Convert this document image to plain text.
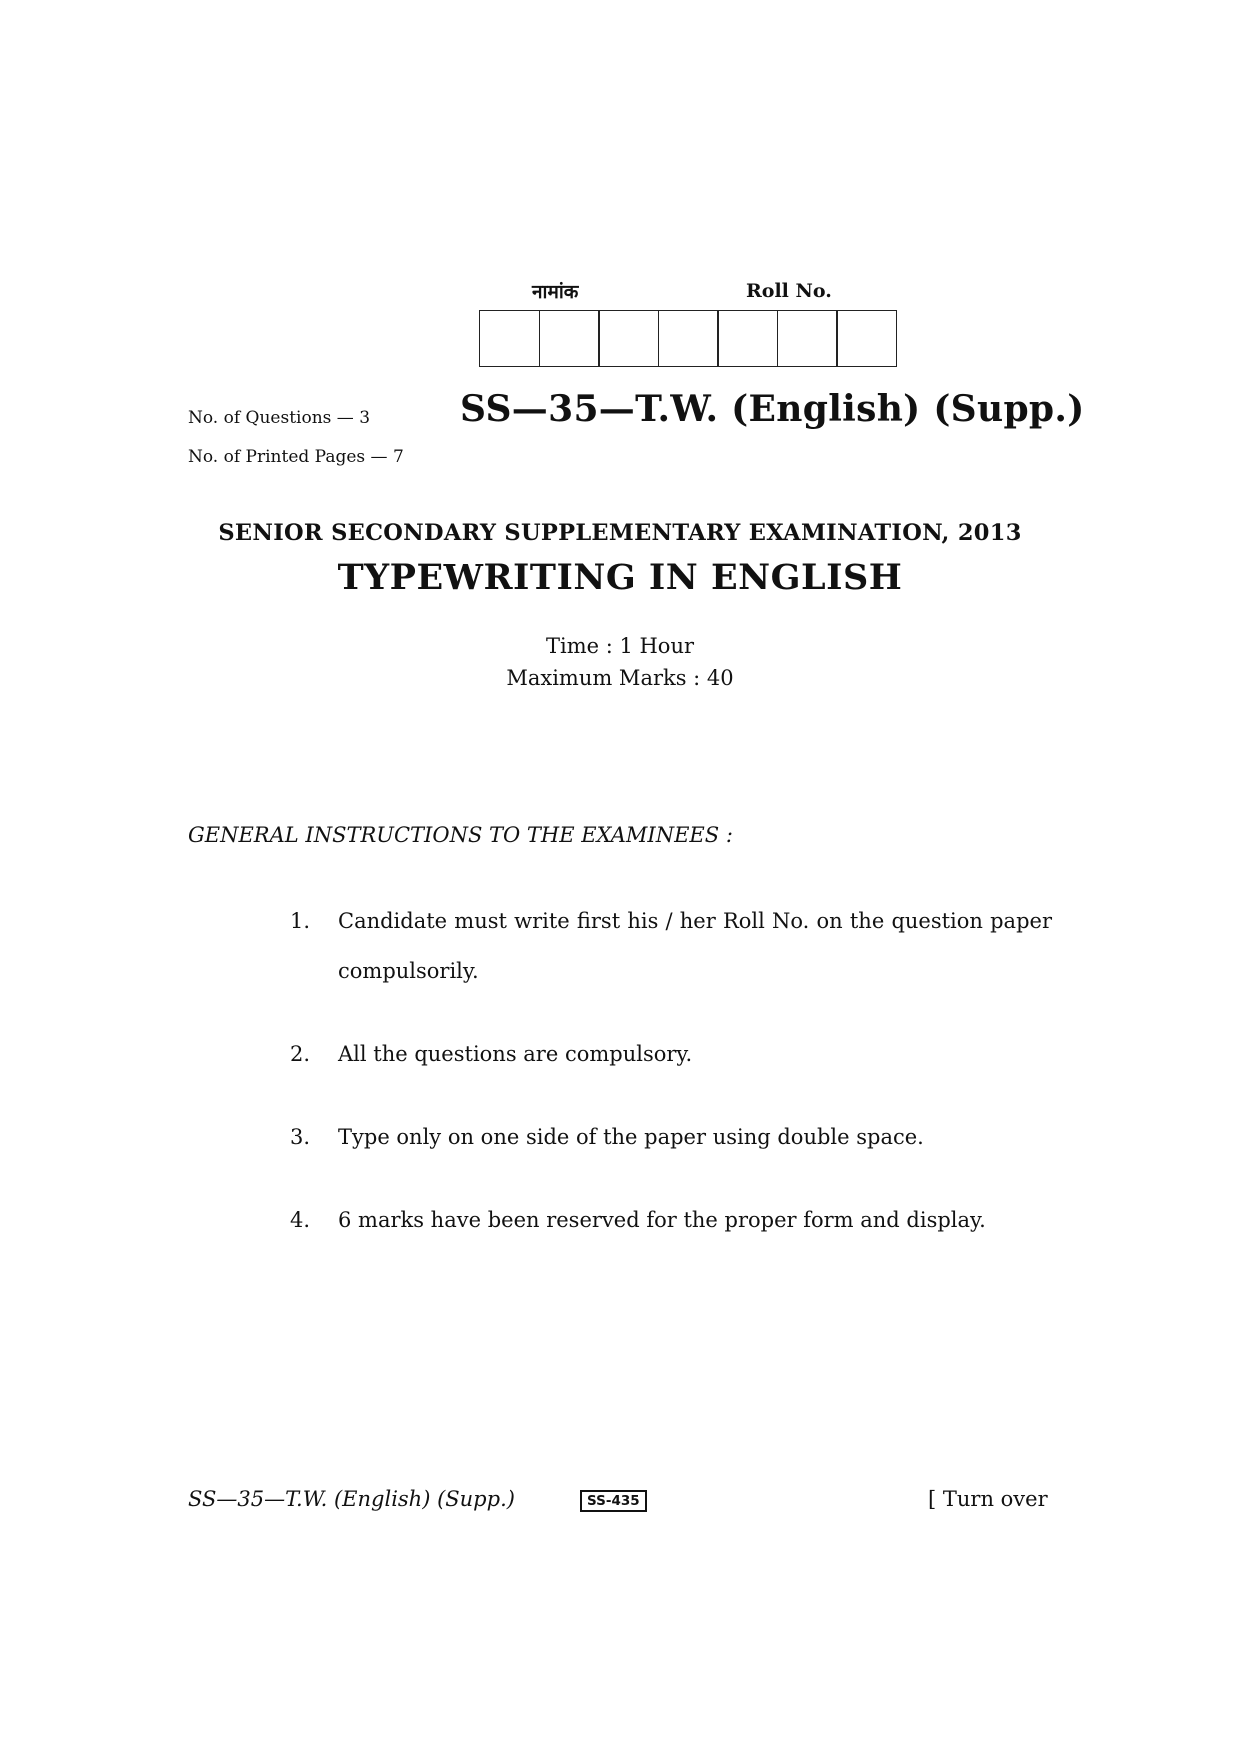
नामांक	Roll No.
No. of Questions — 3
No. of Printed Pages — 7
SS—35—T.W. (English) (Supp.)
SENIOR SECONDARY SUPPLEMENTARY EXAMINATION, 2013
TYPEWRITING IN ENGLISH
Time : 1 Hour
Maximum Marks : 40
GENERAL INSTRUCTIONS TO THE EXAMINEES :
1. Candidate must write first his / her Roll No. on the question paper compulsorily.
2. All the questions are compulsory.
3. Type only on one side of the paper using double space.
4. 6 marks have been reserved for the proper form and display.
SS—35—T.W. (English) (Supp.)	SS-435	[ Turn over
